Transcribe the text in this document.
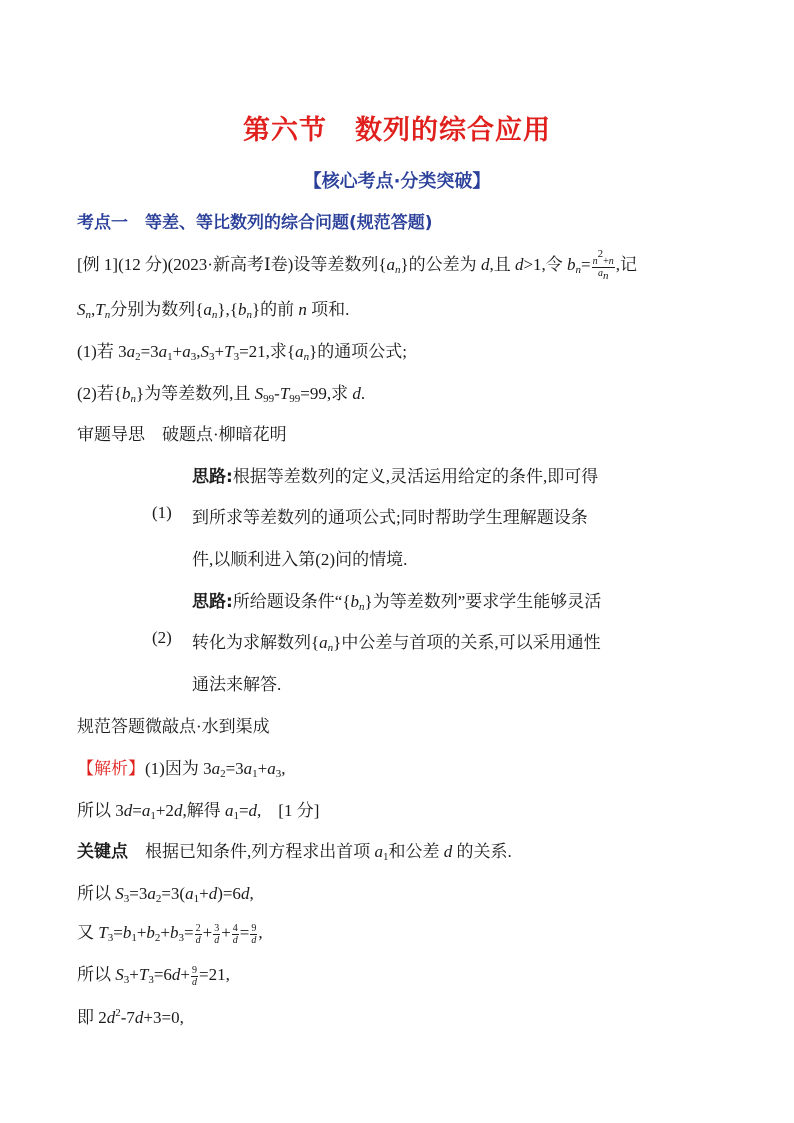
第六节　数列的综合应用
【核心考点·分类突破】
考点一　等差、等比数列的综合问题(规范答题)
[例 1](12 分)(2023·新高考Ⅰ卷)设等差数列$\{a_n\}$的公差为 d,且 d>1,令 $b_n= \frac{n^2+n}{a_n}$ ,记
$S_n,T_n$分别为数列$\{a_n\},\{b_n\}$的前 n 项和.
(1)若 $3a_2=3a_1+a_3,S_3+T_3=21$,求$\{a_n\}$的通项公式;
(2)若$\{b_n\}$为等差数列,且 $S_{99}-T_{99}=99$,求 d.
审题导思　破题点·柳暗花明
思路:根据等差数列的定义,灵活运用给定的条件,即可得
(1) 到所求等差数列的通项公式;同时帮助学生理解题设条
件,以顺利进入第(2)问的情境.
思路:所给题设条件“$\{b_n\}$为等差数列”要求学生能够灵活
(2) 转化为求解数列$\{a_n\}$中公差与首项的关系,可以采用通性
通法来解答.
规范答题微敲点·水到渠成
【解析】(1)因为 $3a_2=3a_1+a_3$,
所以 $3d=a_1+2d$,解得 $a_1=d$,　[1 分]
关键点　根据已知条件,列方程求出首项 $a_1$和公差 d 的关系.
所以 $S_3=3a_2=3(a_1+d)=6d$,
又 $T_3=b_1+b_2+b_3= \frac{2}{d} + \frac{3}{d} + \frac{4}{d} = \frac{9}{d}$ ,
所以 $S_3+T_3=6d+ \frac{9}{d} =21$,
即 $2d^2-7d+3=0$,
